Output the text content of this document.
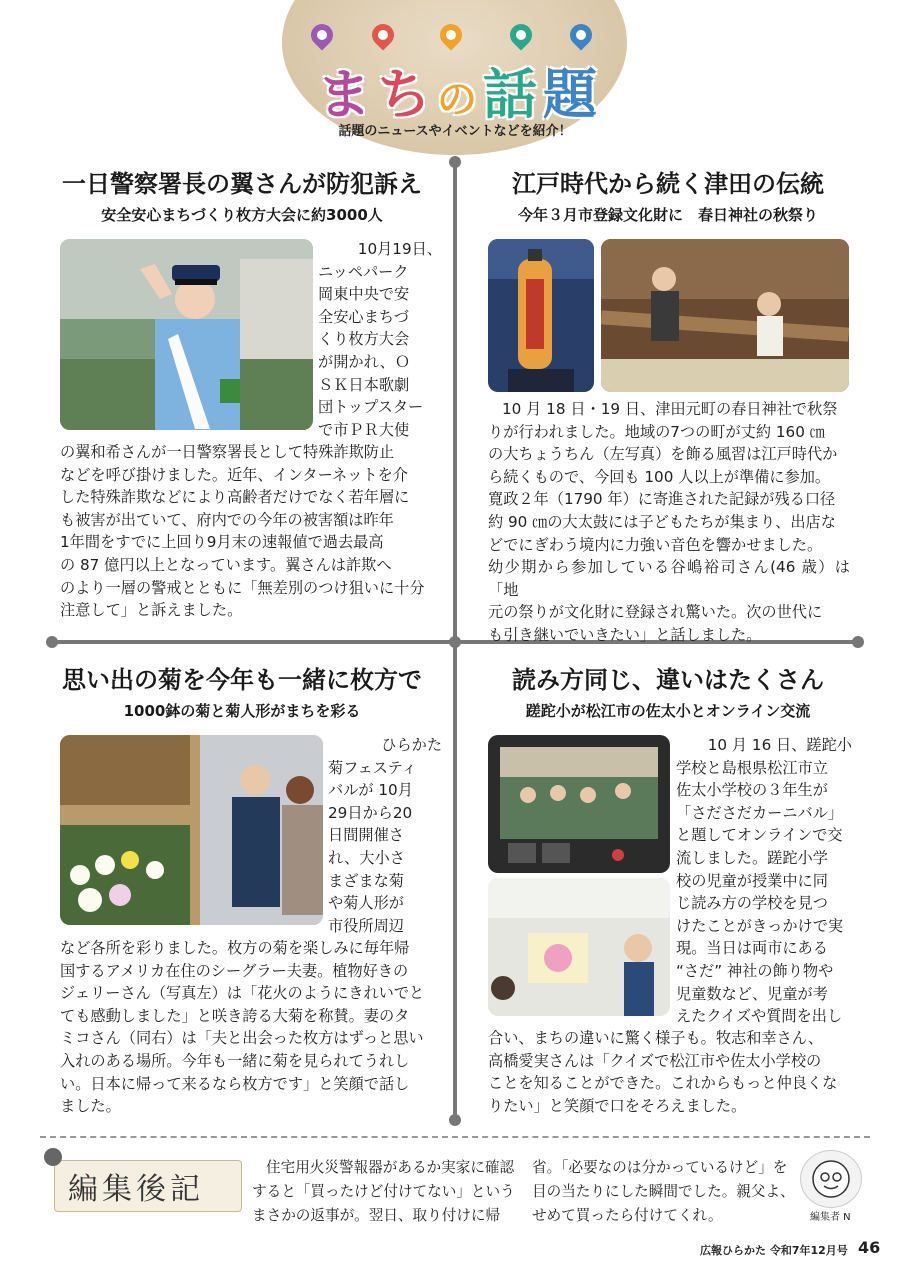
まちの話題
話題のニュースやイベントなどを紹介！
一日警察署長の翼さんが防犯訴え
安全安心まちづくり枚方大会に約3000人
10月19日、
ニッペパーク
岡東中央で安
全安心まちづ
くり枚方大会
が開かれ、Ｏ
ＳＫ日本歌劇
団トップスター
で市ＰＲ大使
の翼和希さんが一日警察署長として特殊詐欺防止
などを呼び掛けました。近年、インターネットを介
した特殊詐欺などにより高齢者だけでなく若年層に
も被害が出ていて、府内での今年の被害額は昨年
1年間をすでに上回り9月末の速報値で過去最高
の 87 億円以上となっています。翼さんは詐欺へ
のより一層の警戒とともに「無差別のつけ狙いに十分
注意して」と訴えました。
江戸時代から続く津田の伝統
今年３月市登録文化財に　春日神社の秋祭り
10 月 18 日・19 日、津田元町の春日神社で秋祭
りが行われました。地域の7つの町が丈約 160 ㎝
の大ちょうちん（左写真）を飾る風習は江戸時代か
ら続くもので、今回も 100 人以上が準備に参加。
寛政２年（1790 年）に寄進された記録が残る口径
約 90 ㎝の大太鼓には子どもたちが集まり、出店な
どでにぎわう境内に力強い音色を響かせました。
幼少期から参加している谷嶋裕司さん(46 歳）は「地
元の祭りが文化財に登録され驚いた。次の世代に
も引き継いでいきたい」と話しました。
思い出の菊を今年も一緒に枚方で
1000鉢の菊と菊人形がまちを彩る
ひらかた
菊フェスティ
バルが 10月
29日から20
日間開催さ
れ、大小さ
まざまな菊
や菊人形が
市役所周辺
など各所を彩りました。枚方の菊を楽しみに毎年帰
国するアメリカ在住のシーグラー夫妻。植物好きの
ジェリーさん（写真左）は「花火のようにきれいでと
ても感動しました」と咲き誇る大菊を称賛。妻のタ
ミコさん（同右）は「夫と出会った枚方はずっと思い
入れのある場所。今年も一緒に菊を見られてうれし
い。日本に帰って来るなら枚方です」と笑顔で話し
ました。
読み方同じ、違いはたくさん
蹉跎小が松江市の佐太小とオンライン交流
10 月 16 日、蹉跎小
学校と島根県松江市立
佐太小学校の３年生が
「さださだカーニバル」
と題してオンラインで交
流しました。蹉跎小学
校の児童が授業中に同
じ読み方の学校を見つ
けたことがきっかけで実
現。当日は両市にある
“さだ” 神社の飾り物や
児童数など、児童が考
えたクイズや質問を出し
合い、まちの違いに驚く様子も。牧志和幸さん、
高橋愛実さんは「クイズで松江市や佐太小学校の
ことを知ることができた。これからもっと仲良くな
りたい」と笑顔で口をそろえました。
編集後記
住宅用火災警報器があるか実家に確認
すると「買ったけど付けてない」という
まさかの返事が。翌日、取り付けに帰
省。「必要なのは分かっているけど」を
目の当たりにした瞬間でした。親父よ、
せめて買ったら付けてくれ。	編集者 N
広報ひらかた 令和7年12月号 46
